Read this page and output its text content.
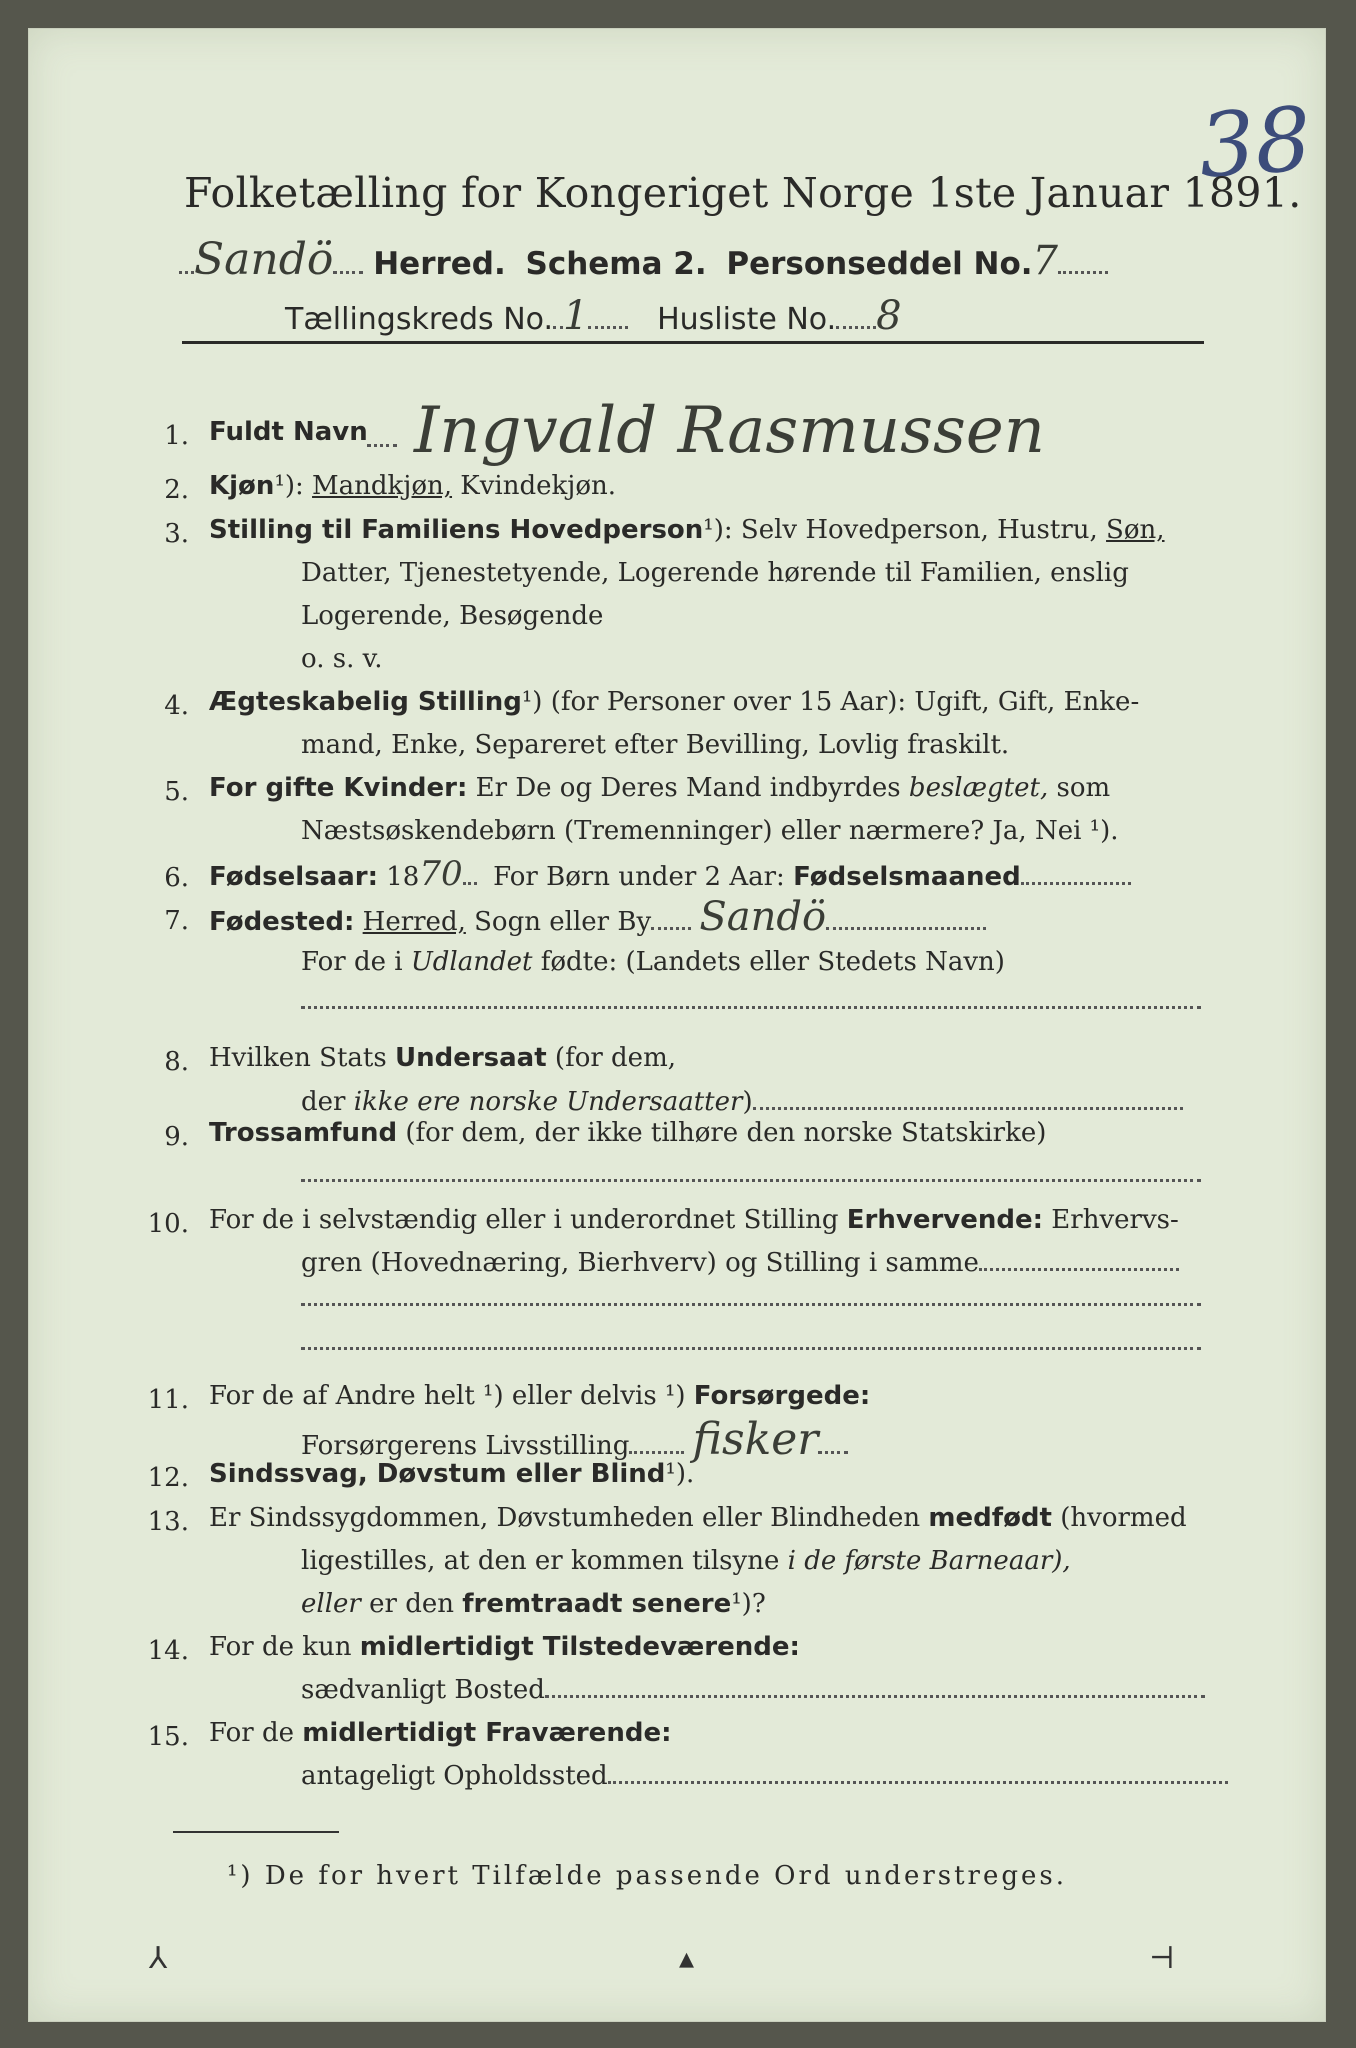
38
Folketælling for Kongeriget Norge 1ste Januar 1891.
Sandö Herred. Schema 2. Personseddel No.7
Tællingskreds No. 1 Husliste No. 8
1. Fuldt Navn Ingvald Rasmussen
2. Kjøn¹): Mandkjøn, Kvindekjøn.
3. Stilling til Familiens Hovedperson¹): Selv Hovedperson, Hustru, Søn,
Datter, Tjenestetyende, Logerende hørende til Familien, enslig
Logerende, Besøgende
o. s. v.
4. Ægteskabelig Stilling¹) (for Personer over 15 Aar): Ugift, Gift, Enke-
mand, Enke, Separeret efter Bevilling, Lovlig fraskilt.
5. For gifte Kvinder: Er De og Deres Mand indbyrdes beslægtet, som
Næstsøskendebørn (Tremenninger) eller nærmere? Ja, Nei ¹).
6. Fødselsaar: 1870 For Børn under 2 Aar: Fødselsmaaned
7. Fødested: Herred, Sogn eller By Sandö
For de i Udlandet fødte: (Landets eller Stedets Navn)
8. Hvilken Stats Undersaat (for dem,
der ikke ere norske Undersaatter)
9. Trossamfund (for dem, der ikke tilhøre den norske Statskirke)
10. For de i selvstændig eller i underordnet Stilling Erhvervende: Erhvervs-
gren (Hovednæring, Bierhverv) og Stilling i samme
11. For de af Andre helt ¹) eller delvis ¹) Forsørgede:
Forsørgerens Livsstilling fisker
12. Sindssvag, Døvstum eller Blind¹).
13. Er Sindssygdommen, Døvstumheden eller Blindheden medfødt (hvormed
ligestilles, at den er kommen tilsyne i de første Barneaar),
eller er den fremtraadt senere¹)?
14. For de kun midlertidigt Tilstedeværende:
sædvanligt Bosted
15. For de midlertidigt Fraværende:
antageligt Opholdssted
¹) De for hvert Tilfælde passende Ord understreges.
⅄	▴	⊣
